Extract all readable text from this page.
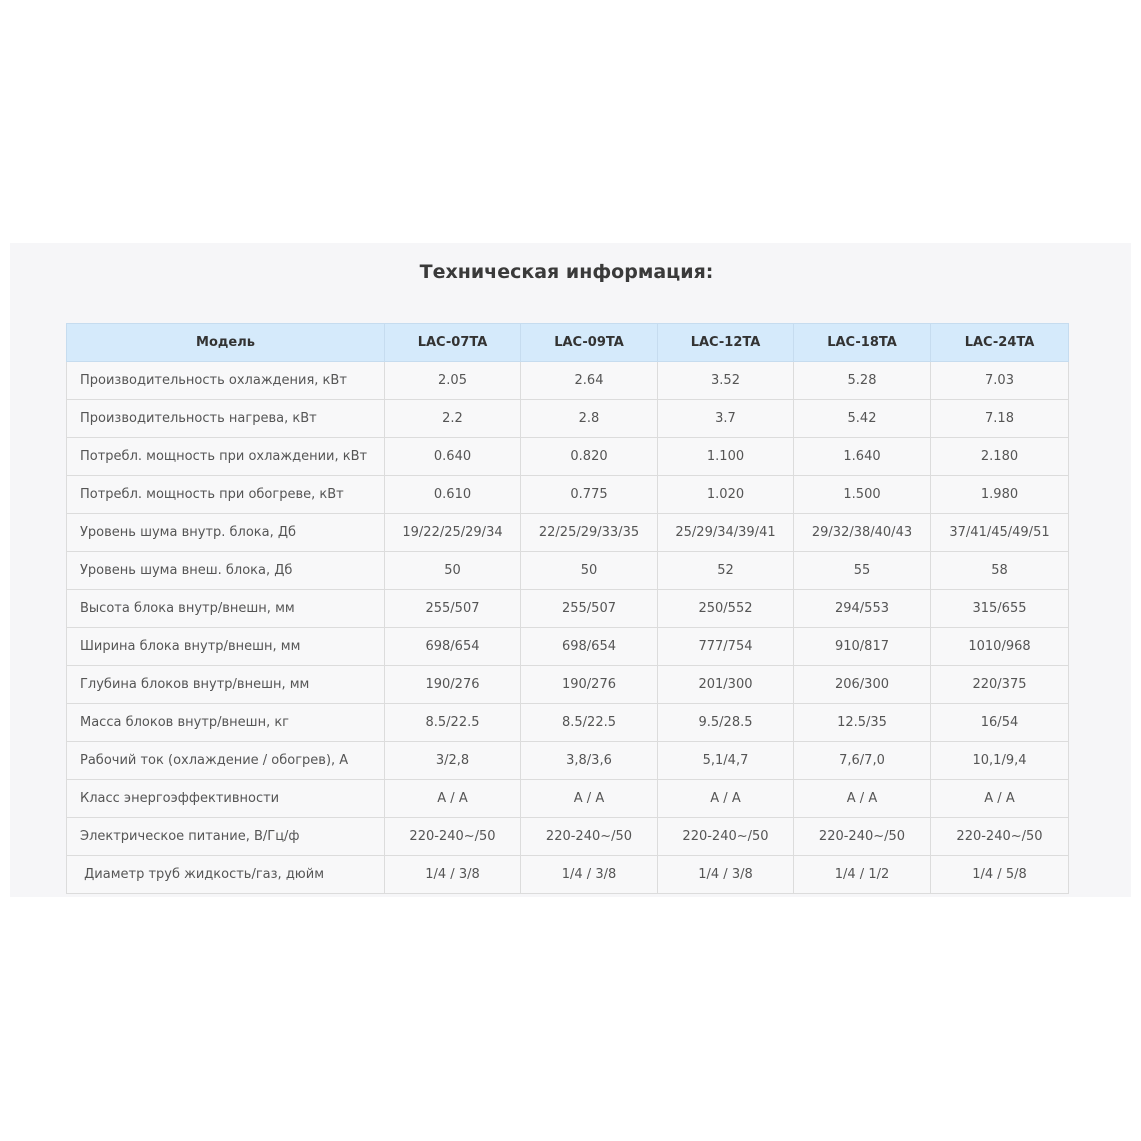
Техническая информация:
Модель	LAC-07TA	LAC-09TA	LAC-12TA	LAC-18TA	LAC-24TA
Производительность охлаждения, кВт	2.05	2.64	3.52	5.28	7.03
Производительность нагрева, кВт	2.2	2.8	3.7	5.42	7.18
Потребл. мощность при охлаждении, кВт	0.640	0.820	1.100	1.640	2.180
Потребл. мощность при обогреве, кВт	0.610	0.775	1.020	1.500	1.980
Уровень шума внутр. блока, Дб	19/22/25/29/34	22/25/29/33/35	25/29/34/39/41	29/32/38/40/43	37/41/45/49/51
Уровень шума внеш. блока, Дб	50	50	52	55	58
Высота блока внутр/внешн, мм	255/507	255/507	250/552	294/553	315/655
Ширина блока внутр/внешн, мм	698/654	698/654	777/754	910/817	1010/968
Глубина блоков внутр/внешн, мм	190/276	190/276	201/300	206/300	220/375
Масса блоков внутр/внешн, кг	8.5/22.5	8.5/22.5	9.5/28.5	12.5/35	16/54
Рабочий ток (охлаждение / обогрев), А	3/2,8	3,8/3,6	5,1/4,7	7,6/7,0	10,1/9,4
Класс энергоэффективности	A / A	A / A	A / A	A / A	A / A
Электрическое питание, В/Гц/ф	220-240~/50	220-240~/50	220-240~/50	220-240~/50	220-240~/50
Диаметр труб жидкость/газ, дюйм	1/4 / 3/8	1/4 / 3/8	1/4 / 3/8	1/4 / 1/2	1/4 / 5/8
